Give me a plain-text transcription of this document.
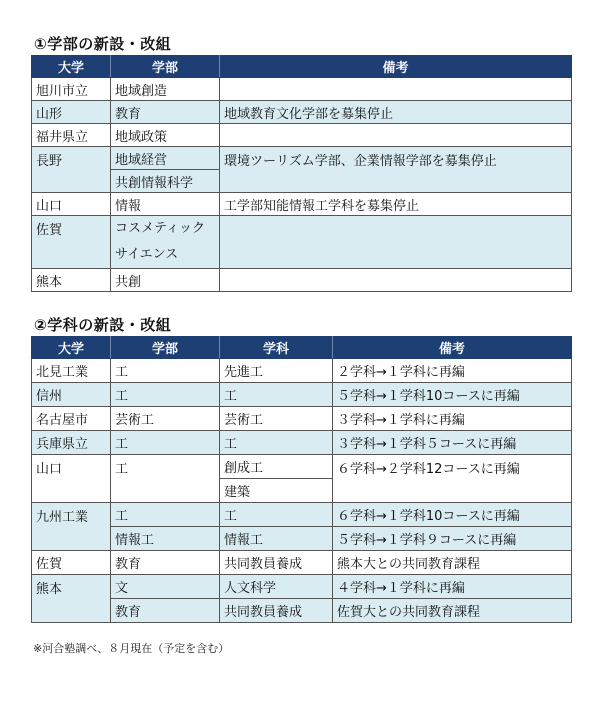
①学部の新設・改組
大学	学部	備考
旭川市立	地域創造	
山形	教育	地域教育文化学部を募集停止
福井県立	地域政策	
長野	地域経営	環境ツーリズム学部、企業情報学部を募集停止
	共創情報科学	
山口	情報	工学部知能情報工学科を募集停止
佐賀	コスメティック
サイエンス	

熊本	共創	
②学科の新設・改組
大学	学部	学科	備考
北見工業	工	先進工	２学科→１学科に再編
信州	工	工	５学科→１学科10コースに再編
名古屋市	芸術工	芸術工	３学科→１学科に再編
兵庫県立	工	工	３学科→１学科５コースに再編
山口	工	創成工	６学科→２学科12コースに再編
		建築	
九州工業	工	工	６学科→１学科10コースに再編
	情報工	情報工	５学科→１学科９コースに再編
佐賀	教育	共同教員養成	熊本大との共同教育課程
熊本	文	人文科学	４学科→１学科に再編
	教育	共同教員養成	佐賀大との共同教育課程
※河合塾調べ、８月現在（予定を含む）
